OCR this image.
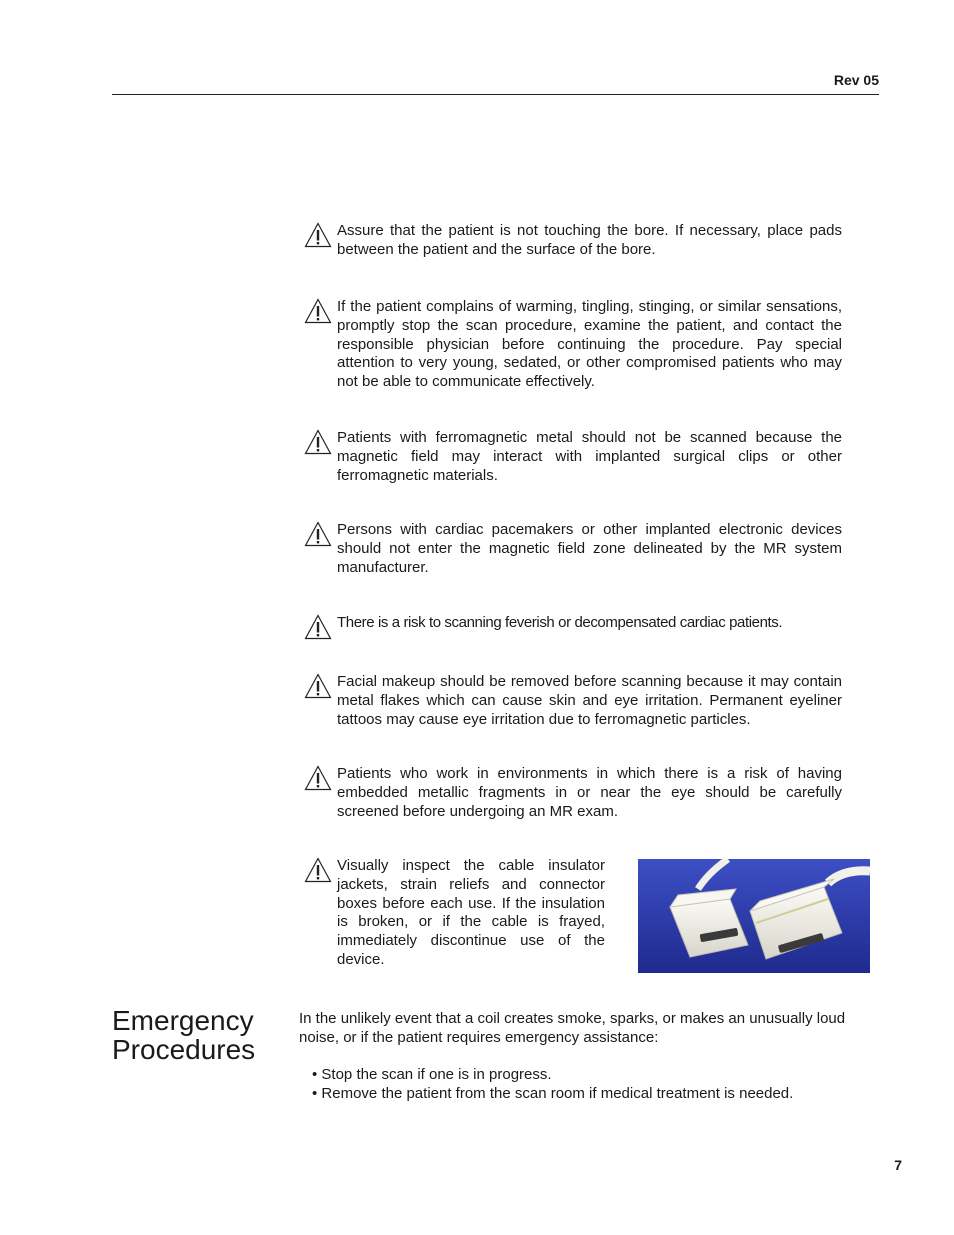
Rev 05
Assure that the patient is not touching the bore. If necessary, place pads between the patient and the surface of the bore.
If the patient complains of warming, tingling, stinging, or similar sensations, promptly stop the scan procedure, examine the patient, and contact the responsible physician before continuing the procedure. Pay special attention to very young, sedated, or other compromised patients who may not be able to communicate effectively.
Patients with ferromagnetic metal should not be scanned because the magnetic field may interact with implanted surgical clips or other ferromagnetic materials.
Persons with cardiac pacemakers or other implanted electronic devices should not enter the magnetic field zone delineated by the MR system manufacturer.
There is a risk to scanning feverish or decompensated cardiac patients.
Facial makeup should be removed before scanning because it may contain metal flakes which can cause skin and eye irritation. Permanent eyeliner tattoos may cause eye irritation due to ferromagnetic particles.
Patients who work in environments in which there is a risk of having embedded metallic fragments in or near the eye should be carefully screened before undergoing an MR exam.
Visually inspect the cable insulator jackets, strain reliefs and connector boxes before each use. If the insulation is broken, or if the cable is frayed, immediately discontinue use of the device.
Emergency
Procedures

In the unlikely event that a coil creates smoke, sparks, or makes an unusually loud noise, or if the patient requires emergency assistance:

• Stop the scan if one is in progress.
• Remove the patient from the scan room if medical treatment is needed.
7
